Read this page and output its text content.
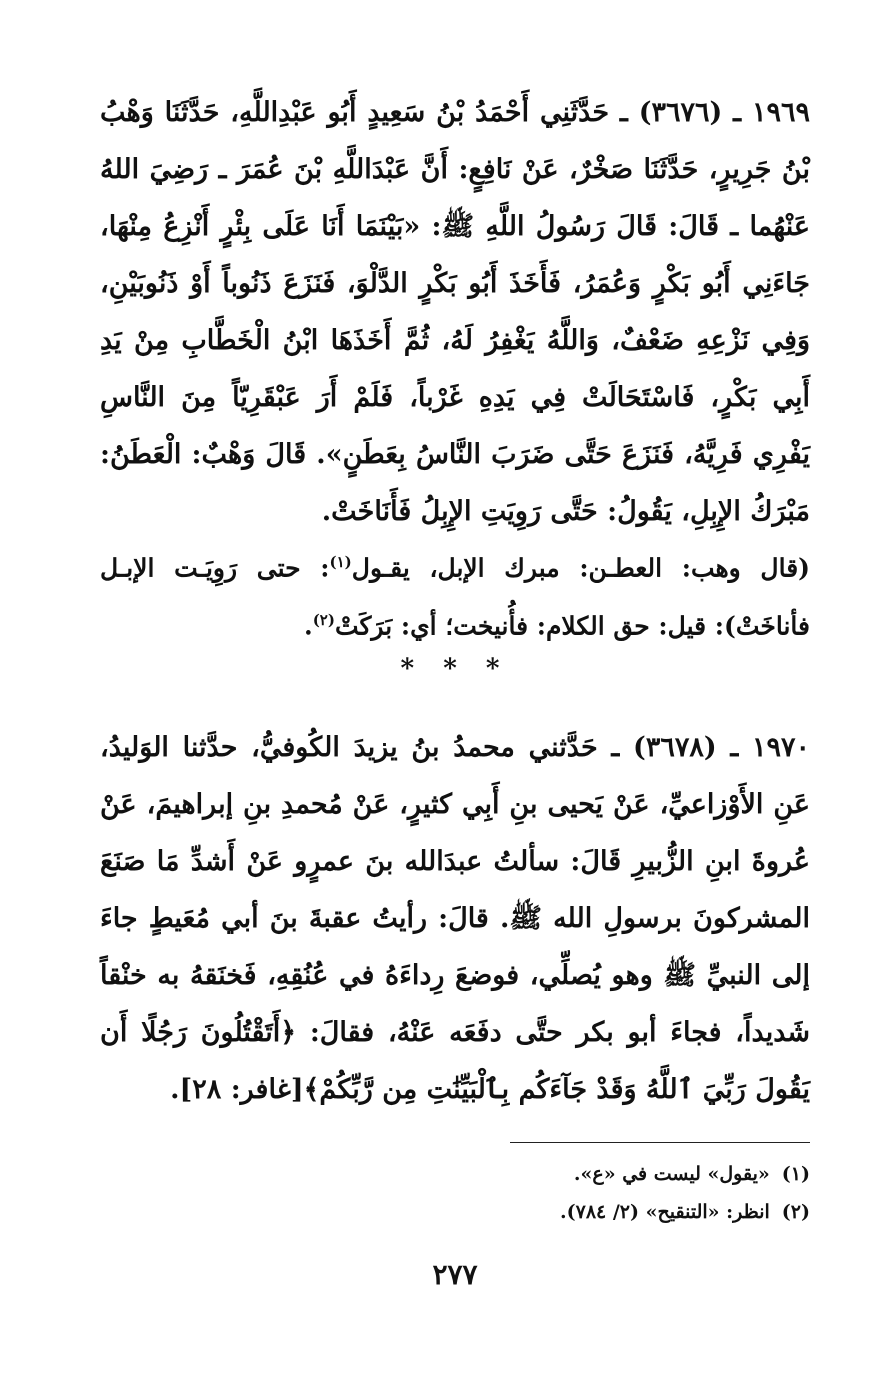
١٩٦٩ ـ (٣٦٧٦) ـ حَدَّثَنِي أَحْمَدُ بْنُ سَعِيدٍ أَبُو عَبْدِاللَّهِ، حَدَّثَنَا وَهْبُ بْنُ جَرِيرٍ، حَدَّثَنَا صَخْرٌ، عَنْ نَافِعٍ: أَنَّ عَبْدَاللَّهِ بْنَ عُمَرَ ـ رَضِيَ اللهُ عَنْهُما ـ قَالَ: قَالَ رَسُولُ اللَّهِ ﷺ: «بَيْنَمَا أَنَا عَلَى بِئْرٍ أَنْزِعُ مِنْهَا، جَاءَنِي أَبُو بَكْرٍ وَعُمَرُ، فَأَخَذَ أَبُو بَكْرٍ الدَّلْوَ، فَنَزَعَ ذَنُوباً أَوْ ذَنُوبَيْنِ، وَفِي نَزْعِهِ ضَعْفٌ، وَاللَّهُ يَغْفِرُ لَهُ، ثُمَّ أَخَذَهَا ابْنُ الْخَطَّابِ مِنْ يَدِ أَبِي بَكْرٍ، فَاسْتَحَالَتْ فِي يَدِهِ غَرْباً، فَلَمْ أَرَ عَبْقَرِيّاً مِنَ النَّاسِ يَفْرِي فَرِيَّهُ، فَنَزَعَ حَتَّى ضَرَبَ النَّاسُ بِعَطَنٍ». قَالَ وَهْبٌ: الْعَطَنُ: مَبْرَكُ الإِبِلِ، يَقُولُ: حَتَّى رَوِيَتِ الإِبِلُ فَأَنَاخَتْ.

(قال وهب: العطـن: مبرك الإبل، يقـول$^{(١)}$: حتى رَوِيَـت الإبـل فأناخَتْ): قيل: حق الكلام: فأُنيخت؛ أي: بَرَكَتْ$^{(٢)}$.

* * *

١٩٧٠ ـ (٣٦٧٨) ـ حَدَّثني محمدُ بنُ يزيدَ الكُوفيُّ، حدَّثنا الوَليدُ، عَنِ الأَوْزاعيِّ، عَنْ يَحيى بنِ أَبِي كثيرٍ، عَنْ مُحمدِ بنِ إبراهيمَ، عَنْ عُروةَ ابنِ الزُّبيرِ قَالَ: سألتُ عبدَالله بنَ عمرٍو عَنْ أَشدِّ مَا صَنَعَ المشركونَ برسولِ الله ﷺ. قالَ: رأيتُ عقبةَ بنَ أبي مُعَيطٍ جاءَ إلى النبيِّ ﷺ وهو يُصلِّي، فوضعَ رِداءَهُ في عُنُقِهِ، فَخنَقهُ به خنْقاً شَديداً، فجاءَ أبو بكر حتَّى دفَعَه عَنْهُ، فقالَ: ﴿أَتَقْتُلُونَ رَجُلًا أَن يَقُولَ رَبِّيَ ٱللَّهُ وَقَدْ جَآءَكُم بِٱلْبَيِّنَٰتِ مِن رَّبِّكُمْ﴾[غافر: ٢٨].

(١)«يقول» ليست في «ع».
(٢)انظر: «التنقيح» (٢/ ٧٨٤).
٢٧٧
